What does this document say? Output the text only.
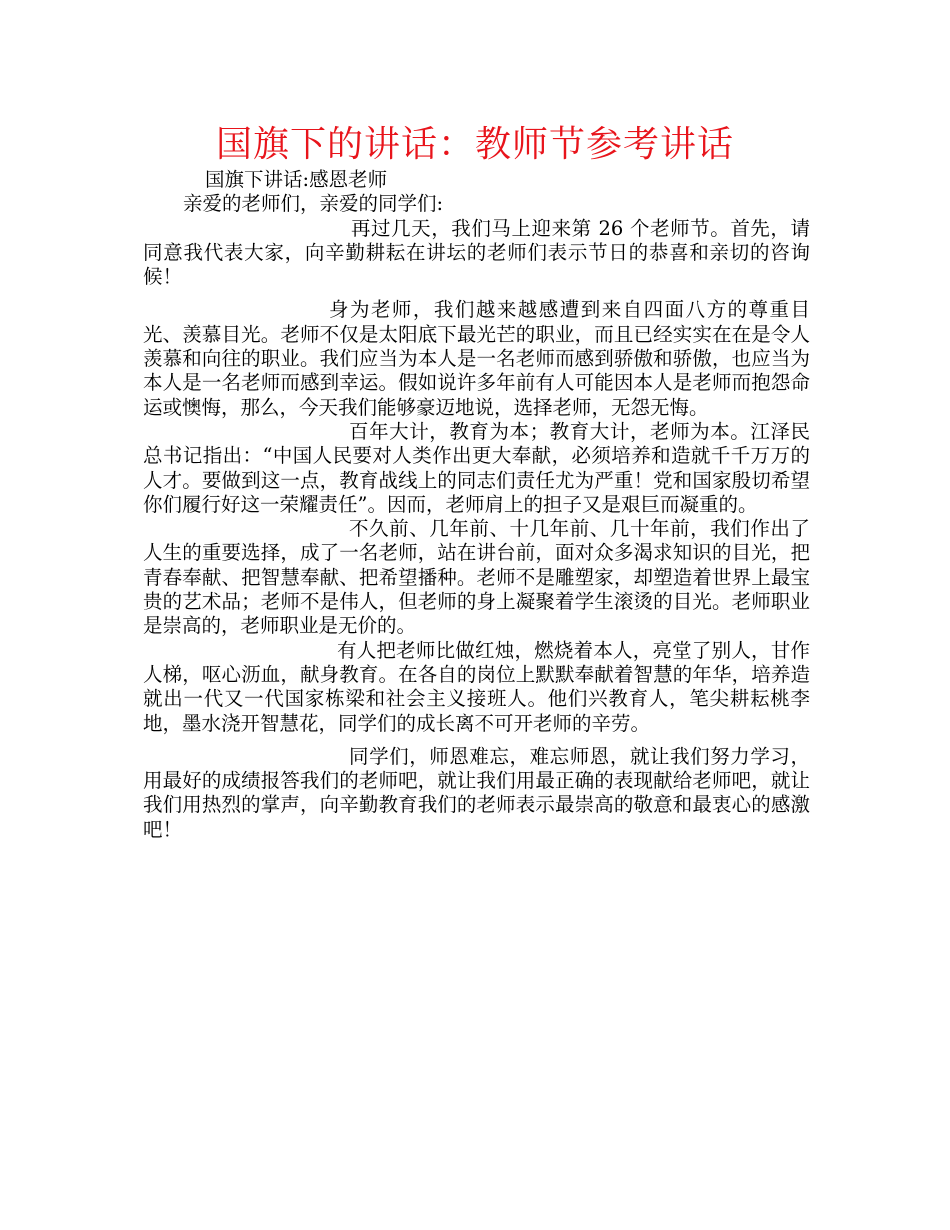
国旗下的讲话：教师节参考讲话

国旗下讲话:感恩老师

亲爱的老师们，亲爱的同学们:

再过几天，我们马上迎来第 26 个老师节。首先，请同意我代表大家，向辛勤耕耘在讲坛的老师们表示节日的恭喜和亲切的咨询候！

身为老师，我们越来越感遭到来自四面八方的尊重目光、羡慕目光。老师不仅是太阳底下最光芒的职业，而且已经实实在在是令人羡慕和向往的职业。我们应当为本人是一名老师而感到骄傲和骄傲，也应当为本人是一名老师而感到幸运。假如说许多年前有人可能因本人是老师而抱怨命运或懊悔，那么，今天我们能够豪迈地说，选择老师，无怨无悔。

百年大计，教育为本；教育大计，老师为本。江泽民总书记指出：“中国人民要对人类作出更大奉献，必须培养和造就千千万万的人才。要做到这一点，教育战线上的同志们责任尤为严重！党和国家殷切希望你们履行好这一荣耀责任”。因而，老师肩上的担子又是艰巨而凝重的。

不久前、几年前、十几年前、几十年前，我们作出了人生的重要选择，成了一名老师，站在讲台前，面对众多渴求知识的目光，把青春奉献、把智慧奉献、把希望播种。老师不是雕塑家，却塑造着世界上最宝贵的艺术品；老师不是伟人，但老师的身上凝聚着学生滚烫的目光。老师职业是崇高的，老师职业是无价的。

有人把老师比做红烛，燃烧着本人，亮堂了别人，甘作人梯，呕心沥血，献身教育。在各自的岗位上默默奉献着智慧的年华，培养造就出一代又一代国家栋梁和社会主义接班人。他们兴教育人，笔尖耕耘桃李地，墨水浇开智慧花，同学们的成长离不可开老师的辛劳。

同学们，师恩难忘，难忘师恩，就让我们努力学习，用最好的成绩报答我们的老师吧，就让我们用最正确的表现献给老师吧，就让我们用热烈的掌声，向辛勤教育我们的老师表示最崇高的敬意和最衷心的感激吧！
